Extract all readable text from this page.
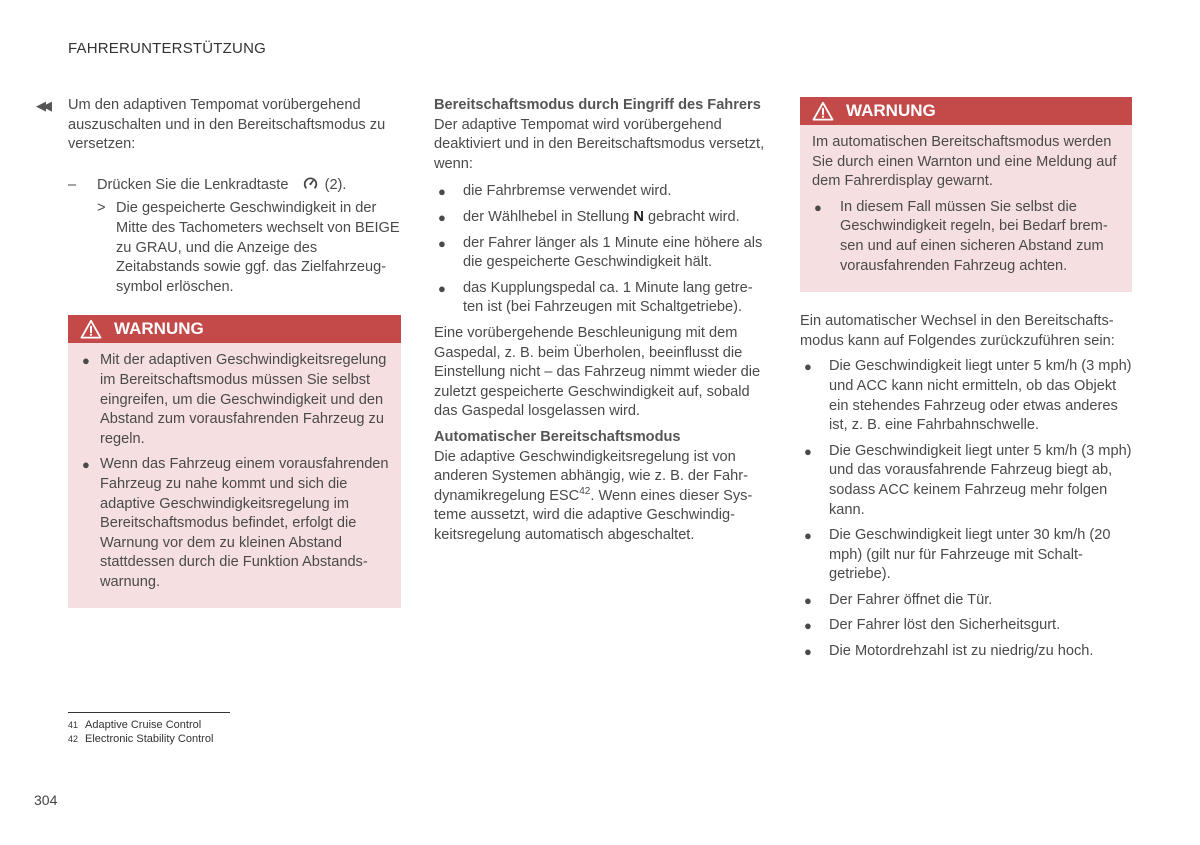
FAHRERUNTERSTÜTZUNG
◀◀ Um den adaptiven Tempomat vorübergehend auszuschalten und in den Bereitschaftsmodus zu versetzen:

– Drücken Sie die Lenkradtaste (2).
> Die gespeicherte Geschwindigkeit in der Mitte des Tachometers wechselt von BEIGE zu GRAU, und die Anzeige des Zeitabstands sowie ggf. das Zielfahrzeugsymbol erlöschen.
WARNUNG
● Mit der adaptiven Geschwindigkeitsregelung im Bereitschaftsmodus müssen Sie selbst eingreifen, um die Geschwindigkeit und den Abstand zum vorausfahrenden Fahrzeug zu regeln.
● Wenn das Fahrzeug einem vorausfahrenden Fahrzeug zu nahe kommt und sich die adaptive Geschwindigkeitsregelung im Bereitschaftsmodus befindet, erfolgt die Warnung vor dem zu kleinen Abstand stattdessen durch die Funktion Abstandswarnung.

Bereitschaftsmodus durch Eingriff des Fahrers

Der adaptive Tempomat wird vorübergehend deaktiviert und in den Bereitschaftsmodus versetzt, wenn:

● die Fahrbremse verwendet wird.
● der Wählhebel in Stellung N gebracht wird.
● der Fahrer länger als 1 Minute eine höhere als die gespeicherte Geschwindigkeit hält.
● das Kupplungspedal ca. 1 Minute lang getreten ist (bei Fahrzeugen mit Schaltgetriebe).

Eine vorübergehende Beschleunigung mit dem Gaspedal, z. B. beim Überholen, beeinflusst die Einstellung nicht – das Fahrzeug nimmt wieder die zuletzt gespeicherte Geschwindigkeit auf, sobald das Gaspedal losgelassen wird.

Automatischer Bereitschaftsmodus

Die adaptive Geschwindigkeitsregelung ist von anderen Systemen abhängig, wie z. B. der Fahrdynamikregelung ESC$^{42}$. Wenn eines dieser Systeme aussetzt, wird die adaptive Geschwindigkeitsregelung automatisch abgeschaltet.

WARNUNG

Im automatischen Bereitschaftsmodus werden Sie durch einen Warnton und eine Meldung auf dem Fahrerdisplay gewarnt.

● In diesem Fall müssen Sie selbst die Geschwindigkeit regeln, bei Bedarf bremsen und auf einen sicheren Abstand zum vorausfahrenden Fahrzeug achten.

Ein automatischer Wechsel in den Bereitschaftsmodus kann auf Folgendes zurückzuführen sein:

● Die Geschwindigkeit liegt unter 5 km/h (3 mph) und ACC kann nicht ermitteln, ob das Objekt ein stehendes Fahrzeug oder etwas anderes ist, z. B. eine Fahrbahnschwelle.
● Die Geschwindigkeit liegt unter 5 km/h (3 mph) und das vorausfahrende Fahrzeug biegt ab, sodass ACC keinem Fahrzeug mehr folgen kann.
● Die Geschwindigkeit liegt unter 30 km/h (20 mph) (gilt nur für Fahrzeuge mit Schaltgetriebe).
● Der Fahrer öffnet die Tür.
● Der Fahrer löst den Sicherheitsgurt.
● Die Motordrehzahl ist zu niedrig/zu hoch.
41 Adaptive Cruise Control
42 Electronic Stability Control
304
